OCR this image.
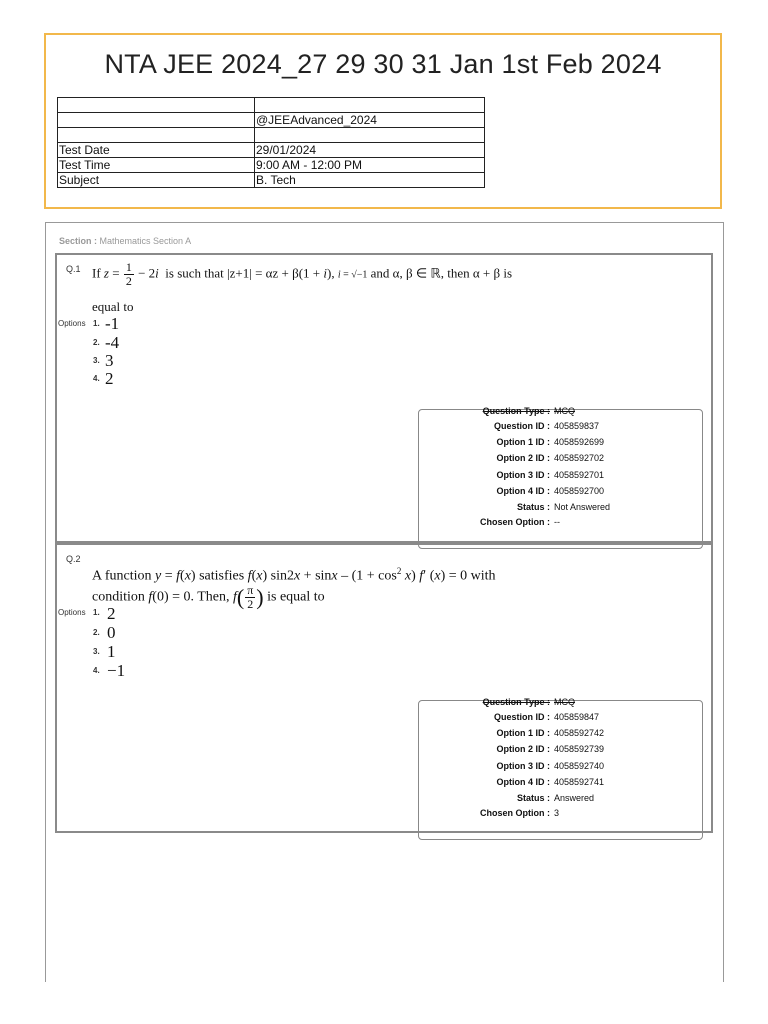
NTA JEE 2024_27 29 30 31 Jan 1st Feb 2024

	@JEEAdvanced_2024

Test Date	29/01/2024
Test Time	9:00 AM - 12:00 PM
Subject	B. Tech
Section : Mathematics Section A
Q.1 If $z = \frac{1}{2} - 2i$  is such that |z+1| = αz + β(1 + i), i = √−1 and α, β ∈ ℝ, then α + β is
equal to
Options 1. -1
2. -4
3. 3
4. 2
Question Type : MCQ
Question ID : 405859837
Option 1 ID : 4058592699
Option 2 ID : 4058592702
Option 3 ID : 4058592701
Option 4 ID : 4058592700
Status : Not Answered
Chosen Option : --
Q.2
A function y = f(x) satisfies f(x) $\sin 2x + \sin x - (1 + \cos^2 x)$ f′ (x) = 0 with
condition f(0) = 0. Then, $f( \frac{\pi}{2}$ ) is equal to
Options 1. 2
2. 0
3. 1
4. −1
Question Type : MCQ
Question ID : 405859847
Option 1 ID : 4058592742
Option 2 ID : 4058592739
Option 3 ID : 4058592740
Option 4 ID : 4058592741
Status : Answered
Chosen Option : 3
